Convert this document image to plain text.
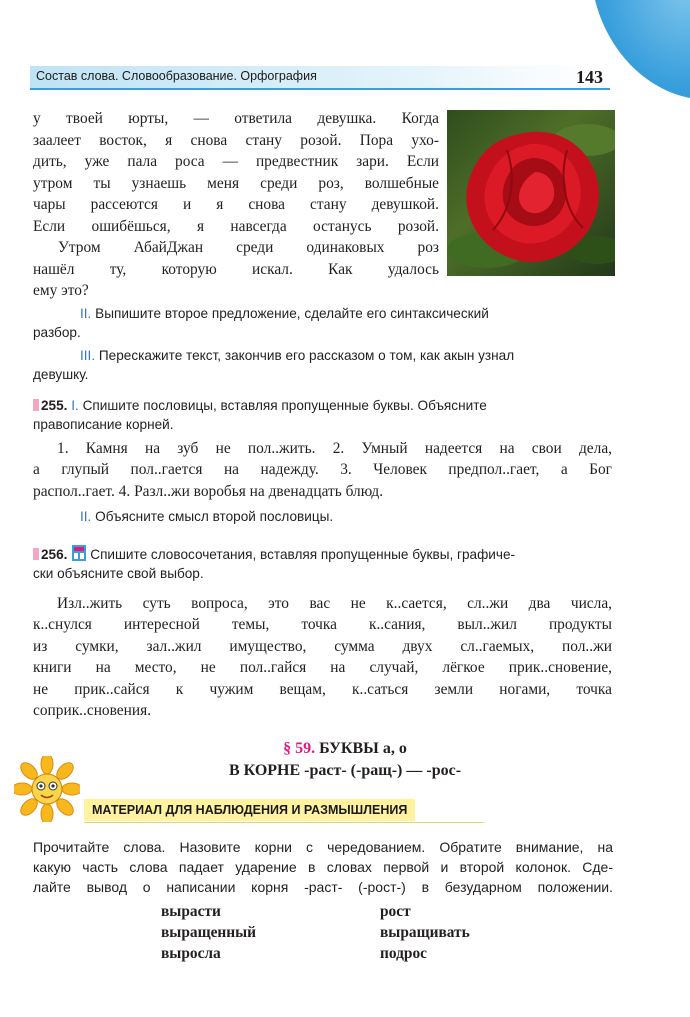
Состав слова. Словообразование. Орфография	143
у твоей юрты, — ответила девушка. Когда
заалеет восток, я снова стану розой. Пора ухо-
дить, уже пала роса — предвестник зари. Если
утром ты узнаешь меня среди роз, волшебные
чары рассеются и я снова стану девушкой.
Если ошибёшься, я навсегда останусь розой.
Утром АбайДжан среди одинаковых роз
нашёл ту, которую искал. Как удалось
ему это?
II. Выпишите второе предложение, сделайте его синтаксический
разбор.
III. Перескажите текст, закончив его рассказом о том, как акын узнал
девушку.
255. I. Спишите пословицы, вставляя пропущенные буквы. Объясните
правописание корней.
1. Камня на зуб не пол..жить. 2. Умный надеется на свои дела,
а глупый пол..гается на надежду. 3. Человек предпол..гает, а Бог
распол..гает. 4. Разл..жи воробья на двенадцать блюд.
II. Объясните смысл второй пословицы.
256. Спишите словосочетания, вставляя пропущенные буквы, графиче-
ски объясните свой выбор.
Изл..жить суть вопроса, это вас не к..сается, сл..жи два числа,
к..снулся интересной темы, точка к..сания, выл..жил продукты
из сумки, зал..жил имущество, сумма двух сл..гаемых, пол..жи
книги на место, не пол..гайся на случай, лёгкое прик..сновение,
не прик..сайся к чужим вещам, к..саться земли ногами, точка
соприк..сновения.
§ 59. БУКВЫ а, о
В КОРНЕ -раст- (-ращ-) — -рос-
МАТЕРИАЛ ДЛЯ НАБЛЮДЕНИЯ И РАЗМЫШЛЕНИЯ
Прочитайте слова. Назовите корни с чередованием. Обратите внимание, на
какую часть слова падает ударение в словах первой и второй колонок. Сде-
лайте вывод о написании корня -раст- (-рост-) в безударном положении.
вырасти
выращенный
выросла
рост
выращивать
подрос
